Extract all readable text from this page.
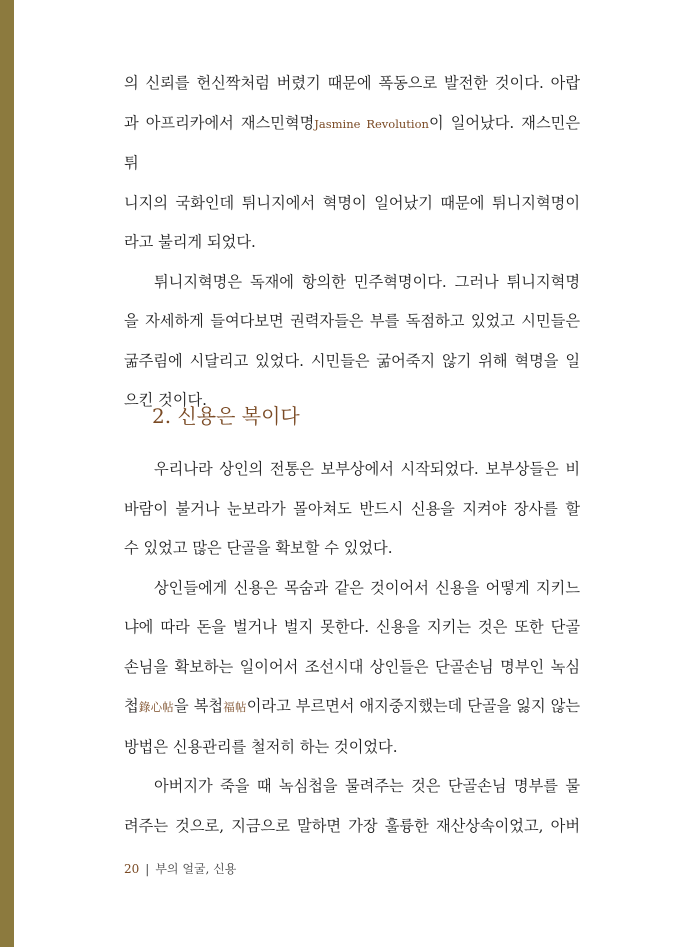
의 신뢰를 헌신짝처럼 버렸기 때문에 폭동으로 발전한 것이다. 아랍

과 아프리카에서 재스민혁명Jasmine Revolution이 일어났다. 재스민은 튀

니지의 국화인데 튀니지에서 혁명이 일어났기 때문에 튀니지혁명이

라고 불리게 되었다.

튀니지혁명은 독재에 항의한 민주혁명이다. 그러나 튀니지혁명

을 자세하게 들여다보면 권력자들은 부를 독점하고 있었고 시민들은

굶주림에 시달리고 있었다. 시민들은 굶어죽지 않기 위해 혁명을 일

으킨 것이다.

2. 신용은 복이다

우리나라 상인의 전통은 보부상에서 시작되었다. 보부상들은 비

바람이 불거나 눈보라가 몰아쳐도 반드시 신용을 지켜야 장사를 할

수 있었고 많은 단골을 확보할 수 있었다.

상인들에게 신용은 목숨과 같은 것이어서 신용을 어떻게 지키느

냐에 따라 돈을 벌거나 벌지 못한다. 신용을 지키는 것은 또한 단골

손님을 확보하는 일이어서 조선시대 상인들은 단골손님 명부인 녹심

첩錄心帖을 복첩福帖이라고 부르면서 애지중지했는데 단골을 잃지 않는

방법은 신용관리를 철저히 하는 것이었다.

아버지가 죽을 때 녹심첩을 물려주는 것은 단골손님 명부를 물

려주는 것으로, 지금으로 말하면 가장 훌륭한 재산상속이었고, 아버

20 | 부의 얼굴, 신용
